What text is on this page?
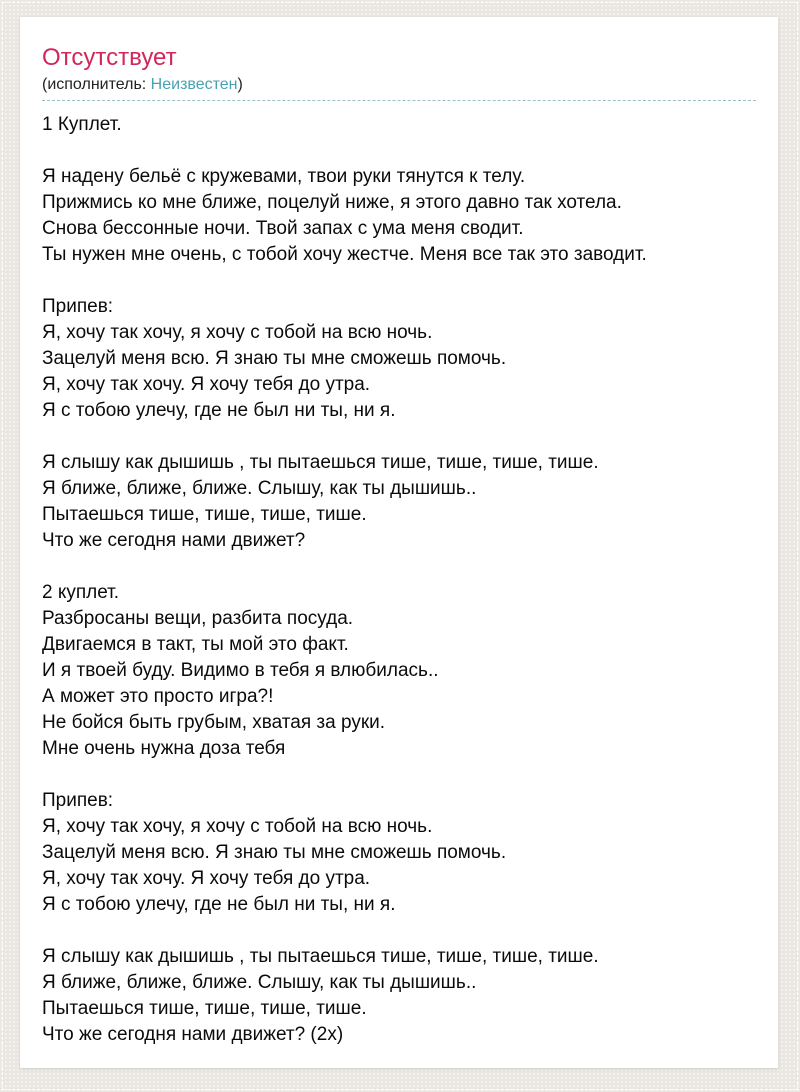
Отсутствует
(исполнитель: Неизвестен)
1 Куплет.
Я надену бельё с кружевами, твои руки тянутся к телу.
Прижмись ко мне ближе, поцелуй ниже, я этого давно так хотела.
Снова бессонные ночи. Твой запах с ума меня сводит.
Ты нужен мне очень, с тобой хочу жестче. Меня все так это заводит.
Припев:
Я, хочу так хочу, я хочу с тобой на всю ночь.
Зацелуй меня всю. Я знаю ты мне сможешь помочь.
Я, хочу так хочу. Я хочу тебя до утра.
Я с тобою улечу, где не был ни ты, ни я.
Я слышу как дышишь , ты пытаешься тише, тише, тише, тише.
Я ближе, ближе, ближе. Слышу, как ты дышишь..
Пытаешься тише, тише, тише, тише.
Что же сегодня нами движет?
2 куплет.
Разбросаны вещи, разбита посуда.
Двигаемся в такт, ты мой это факт.
И я твоей буду. Видимо в тебя я влюбилась..
А может это просто игра?!
Не бойся быть грубым, хватая за руки.
Мне очень нужна доза тебя
Припев:
Я, хочу так хочу, я хочу с тобой на всю ночь.
Зацелуй меня всю. Я знаю ты мне сможешь помочь.
Я, хочу так хочу. Я хочу тебя до утра.
Я с тобою улечу, где не был ни ты, ни я.
Я слышу как дышишь , ты пытаешься тише, тише, тише, тише.
Я ближе, ближе, ближе. Слышу, как ты дышишь..
Пытаешься тише, тише, тише, тише.
Что же сегодня нами движет? (2x)
